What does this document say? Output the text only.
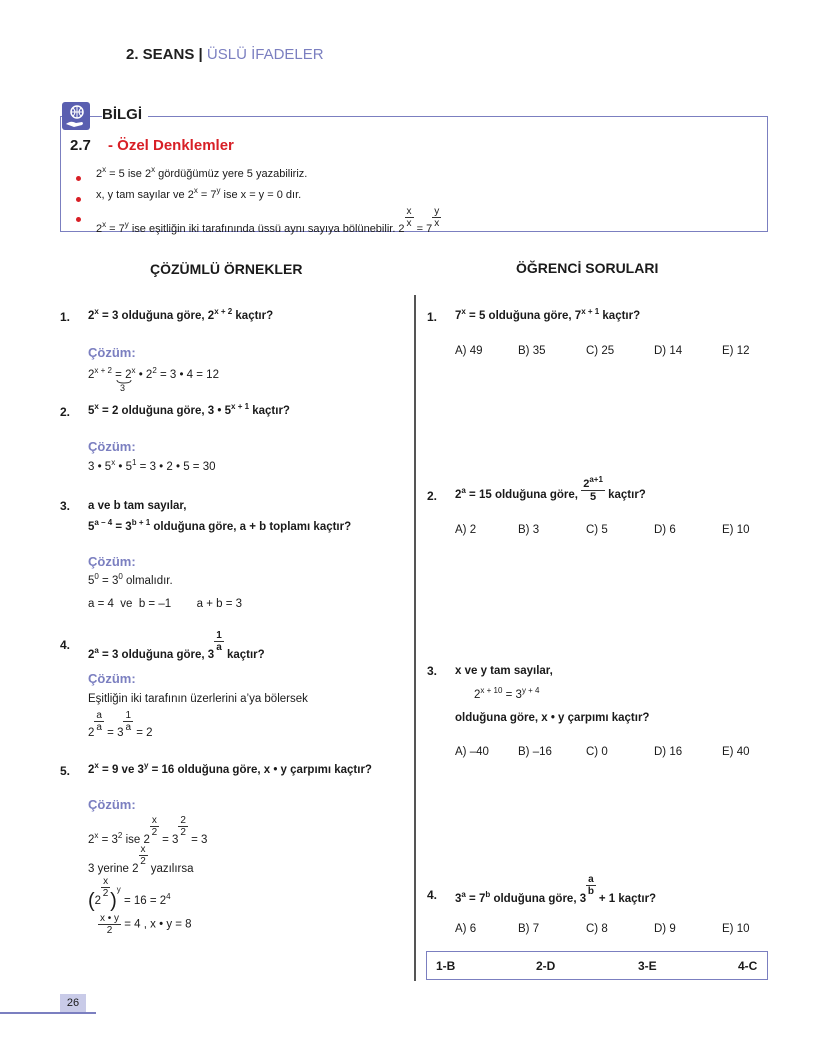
2. SEANS | ÜSLÜ İFADELER
BİLGİ
2.7 - Özel Denklemler
$2^x = 5$ ise 2$^x$ gördüğümüz yere 5 yazabiliriz.
x, y tam sayılar ve $2^x = 7^y$ ise x = y = 0 dır.
$2^x = 7^y$ ise eşitliğin iki tarafınında üssü aynı sayıya bölünebilir. $2 \frac{x}{x} = 7 \frac{y}{x}$
ÇÖZÜMLÜ ÖRNEKLER	ÖĞRENCİ SORULARI
1. $2^x = 3$ olduğuna göre, $2^{x + 2}$ kaçtır?
Çözüm:
$2^{x + 2} = 2^x$ • $2^2 = 3$ • 4 = 12
3
2. $5^x = 2$ olduğuna göre, 3 • $5^{x + 1}$ kaçtır?
Çözüm:
3 • 5$^x$ • $5^1 = 3$ • 2 • 5 = 30
3. a ve b tam sayılar,
$5^{a - 4} = 3^{b + 1}$ olduğuna göre, a + b toplamı kaçtır?
Çözüm:
$5^0 = 3^0$ olmalıdır.
a = 4  ve  b = –1        a + b = 3
4.
$2^a = 3$ olduğuna göre, 3
$\frac{1}{a}$
kaçtır?
Çözüm:
Eşitliğin iki tarafının üzerlerini a’ya bölersek
$2 \frac{a}{a} = 3 \frac{1}{a} = 2$
5. $2^x = 9$ ve $3^y = 16$ olduğuna göre, x • y çarpımı kaçtır?
Çözüm:
$2^x = 3^2$ ise 2
$\frac{x}{2}$
= 3
$\frac{2}{2}$
= 3
3 yerine 2
$\frac{x}{2}$
yazılırsa
(2
$\frac{x}{2}$
)$^y = 16 = 2^4$
$\frac{x • y}{2} = 4$ , x • y = 8
1. $7^x = 5$ olduğuna göre, $7^{x + 1}$ kaçtır?
A) 49	B) 35	C) 25	D) 14	E) 12
2. $2^a = 15$ olduğuna göre, $\frac{2^{a+1}}{5}$ kaçtır?
A) 2	B) 3	C) 5	D) 6	E) 10
3. x ve y tam sayılar,
$2^{x + 10} = 3^{y + 4}$
olduğuna göre, x • y çarpımı kaçtır?
A) –40	B) –16	C) 0	D) 16	E) 40
4. $3^a = 7^b$ olduğuna göre, 3
$\frac{a}{b}$
+ 1 kaçtır?
A) 6	B) 7	C) 8	D) 9	E) 10
1-B	2-D	3-E	4-C
26
